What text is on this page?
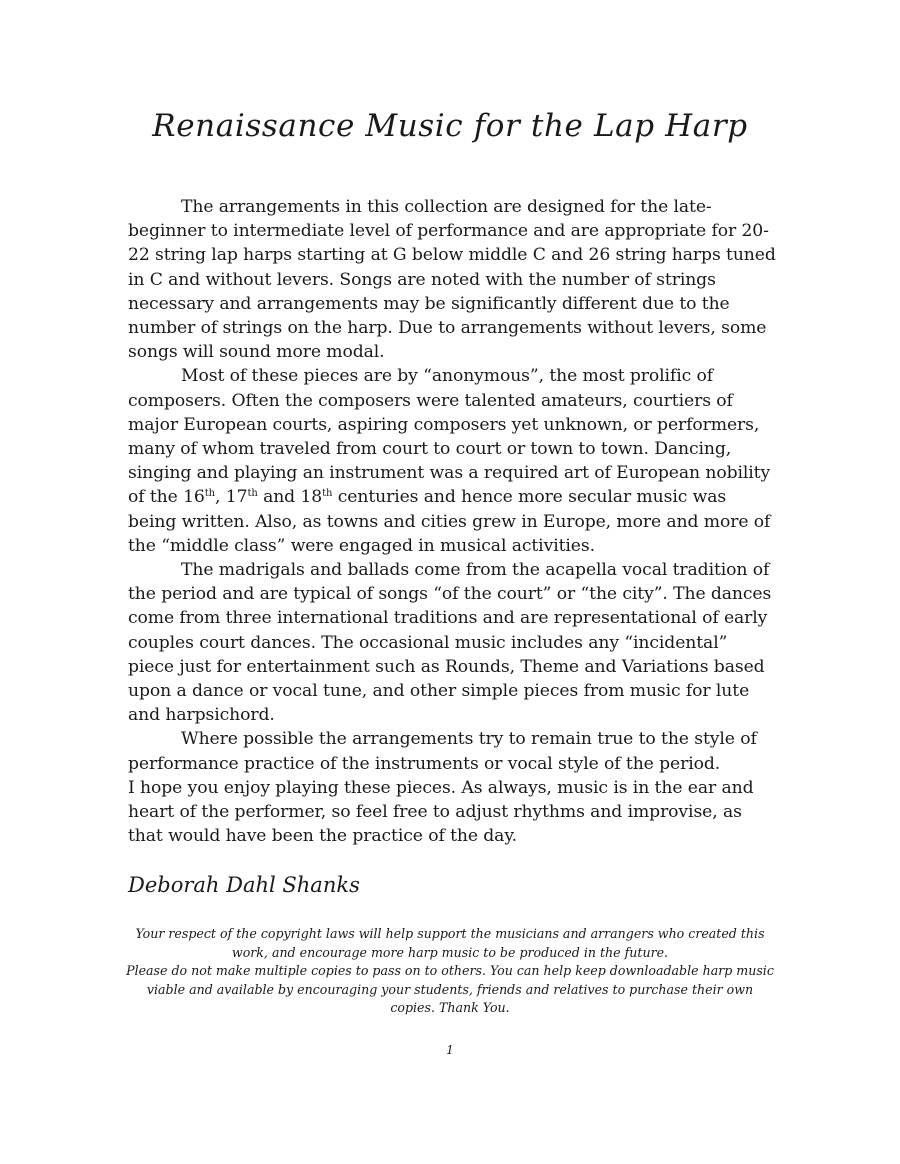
Renaissance Music for the Lap Harp

The arrangements in this collection are designed for the late-beginner to intermediate level of performance and are appropriate for 20-22 string lap harps starting at G below middle C and 26 string harps tuned in C and without levers. Songs are noted with the number of strings necessary and arrangements may be significantly different due to the number of strings on the harp. Due to arrangements without levers, some songs will sound more modal.

Most of these pieces are by “anonymous”, the most prolific of composers. Often the composers were talented amateurs, courtiers of major European courts, aspiring composers yet unknown, or performers, many of whom traveled from court to court or town to town. Dancing, singing and playing an instrument was a required art of European nobility of the 16th, 17th and 18th centuries and hence more secular music was being written. Also, as towns and cities grew in Europe, more and more of the “middle class” were engaged in musical activities.

The madrigals and ballads come from the acapella vocal tradition of the period and are typical of songs “of the court” or “the city”. The dances come from three international traditions and are representational of early couples court dances. The occasional music includes any “incidental” piece just for entertainment such as Rounds, Theme and Variations based upon a dance or vocal tune, and other simple pieces from music for lute and harpsichord.

Where possible the arrangements try to remain true to the style of performance practice of the instruments or vocal style of the period.

I hope you enjoy playing these pieces. As always, music is in the ear and heart of the performer, so feel free to adjust rhythms and improvise, as that would have been the practice of the day.

Deborah Dahl Shanks

Your respect of the copyright laws will help support the musicians and arrangers who created this work, and encourage more harp music to be produced in the future.

Please do not make multiple copies to pass on to others. You can help keep downloadable harp music viable and available by encouraging your students, friends and relatives to purchase their own copies. Thank You.

1
